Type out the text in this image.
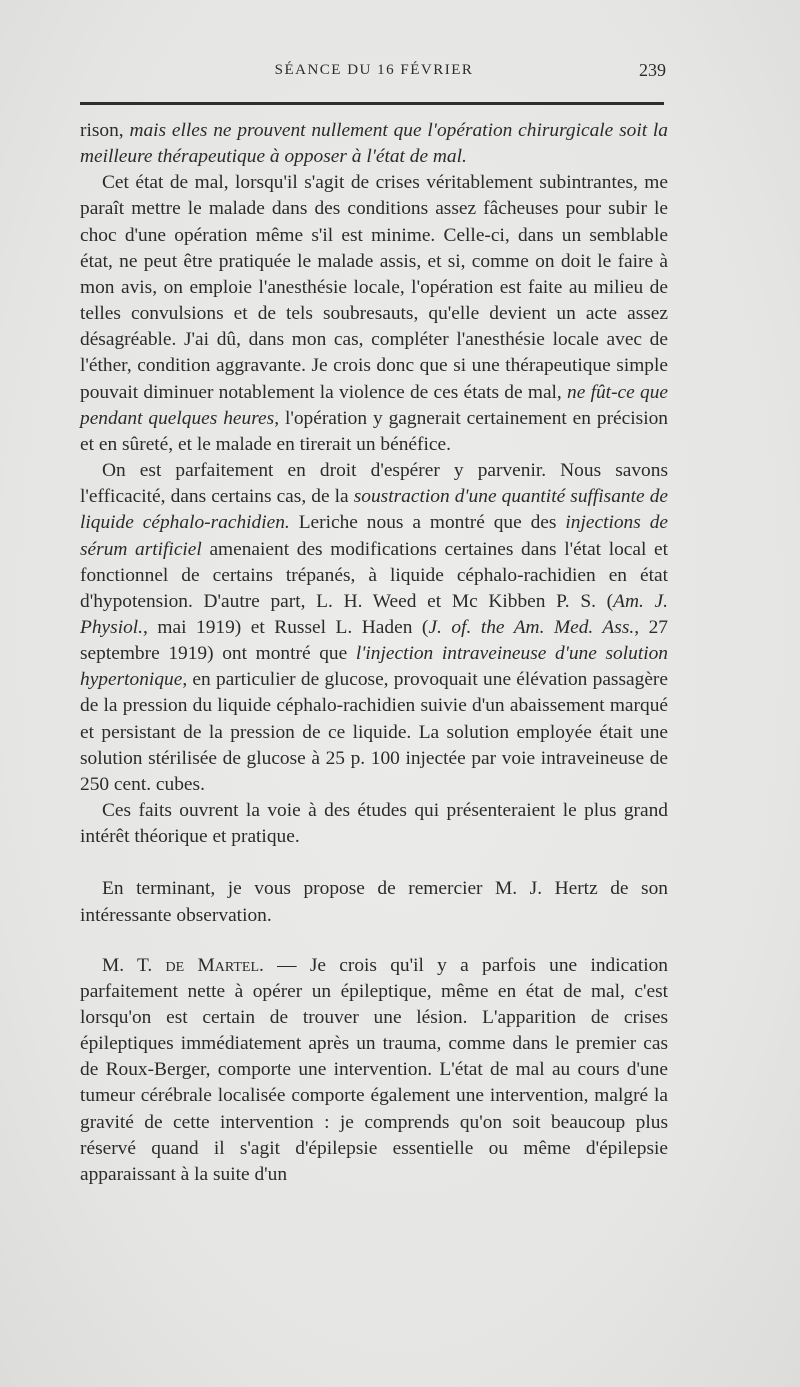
SÉANCE DU 16 FÉVRIER	239

rison, mais elles ne prouvent nullement que l'opération chirurgicale soit la meilleure thérapeutique à opposer à l'état de mal.

Cet état de mal, lorsqu'il s'agit de crises véritablement subintrantes, me paraît mettre le malade dans des conditions assez fâcheuses pour subir le choc d'une opération même s'il est minime. Celle-ci, dans un semblable état, ne peut être pratiquée le malade assis, et si, comme on doit le faire à mon avis, on emploie l'anesthésie locale, l'opération est faite au milieu de telles convulsions et de tels soubresauts, qu'elle devient un acte assez désagréable. J'ai dû, dans mon cas, compléter l'anesthésie locale avec de l'éther, condition aggravante. Je crois donc que si une thérapeutique simple pouvait diminuer notablement la violence de ces états de mal, ne fût-ce que pendant quelques heures, l'opération y gagnerait certainement en précision et en sûreté, et le malade en tirerait un bénéfice.

On est parfaitement en droit d'espérer y parvenir. Nous savons l'efficacité, dans certains cas, de la soustraction d'une quantité suffisante de liquide céphalo-rachidien. Leriche nous a montré que des injections de sérum artificiel amenaient des modifications certaines dans l'état local et fonctionnel de certains trépanés, à liquide céphalo-rachidien en état d'hypotension. D'autre part, L. H. Weed et Mc Kibben P. S. (Am. J. Physiol., mai 1919) et Russel L. Haden (J. of. the Am. Med. Ass., 27 septembre 1919) ont montré que l'injection intraveineuse d'une solution hypertonique, en particulier de glucose, provoquait une élévation passagère de la pression du liquide céphalo-rachidien suivie d'un abaissement marqué et persistant de la pression de ce liquide. La solution employée était une solution stérilisée de glucose à 25 p. 100 injectée par voie intraveineuse de 250 cent. cubes.

Ces faits ouvrent la voie à des études qui présenteraient le plus grand intérêt théorique et pratique.

En terminant, je vous propose de remercier M. J. Hertz de son intéressante observation.

M. T. de Martel. — Je crois qu'il y a parfois une indication parfaitement nette à opérer un épileptique, même en état de mal, c'est lorsqu'on est certain de trouver une lésion. L'apparition de crises épileptiques immédiatement après un trauma, comme dans le premier cas de Roux-Berger, comporte une intervention. L'état de mal au cours d'une tumeur cérébrale localisée comporte également une intervention, malgré la gravité de cette intervention : je comprends qu'on soit beaucoup plus réservé quand il s'agit d'épilepsie essentielle ou même d'épilepsie apparaissant à la suite d'un
